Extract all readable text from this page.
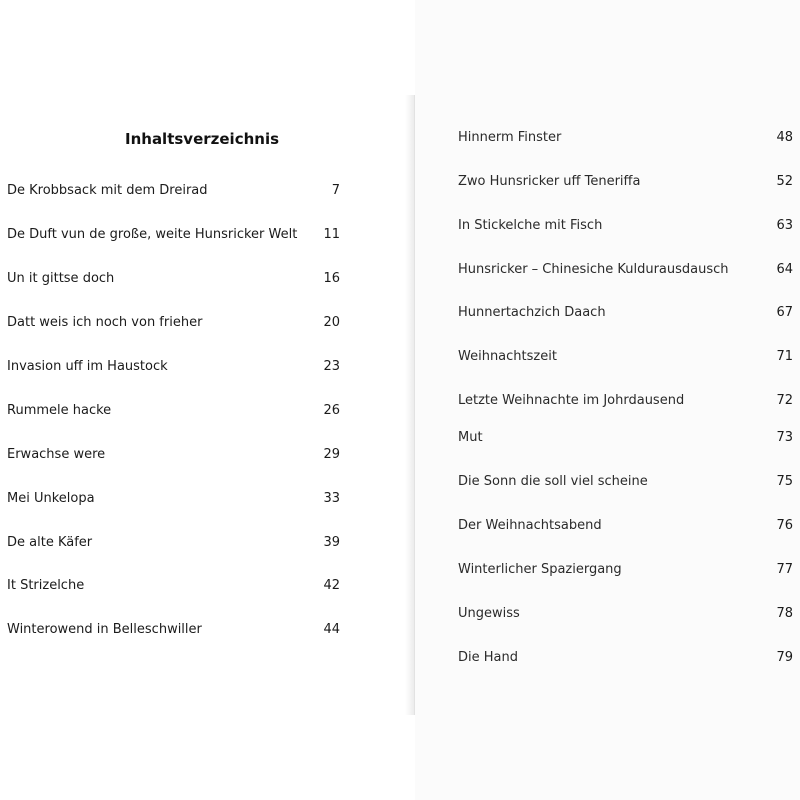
Inhaltsverzeichnis
De Krobbsack mit dem Dreirad	7
De Duft vun de große, weite Hunsricker Welt 11
Un it gittse doch	16
Datt weis ich noch von frieher	20
Invasion uff im Haustock	23
Rummele hacke	26
Erwachse were	29
Mei Unkelopa	33
De alte Käfer	39
It Strizelche	42
Winterowend in Belleschwiller	44
Hinnerm Finster	48
Zwo Hunsricker uff Teneriffa	52
In Stickelche mit Fisch	63
Hunsricker – Chinesiche Kuldurausdausch	64
Hunnertachzich Daach	67
Weihnachtszeit	71
Letzte Weihnachte im Johrdausend	72
Mut	73
Die Sonn die soll viel scheine	75
Der Weihnachtsabend	76
Winterlicher Spaziergang	77
Ungewiss	78
Die Hand	79
